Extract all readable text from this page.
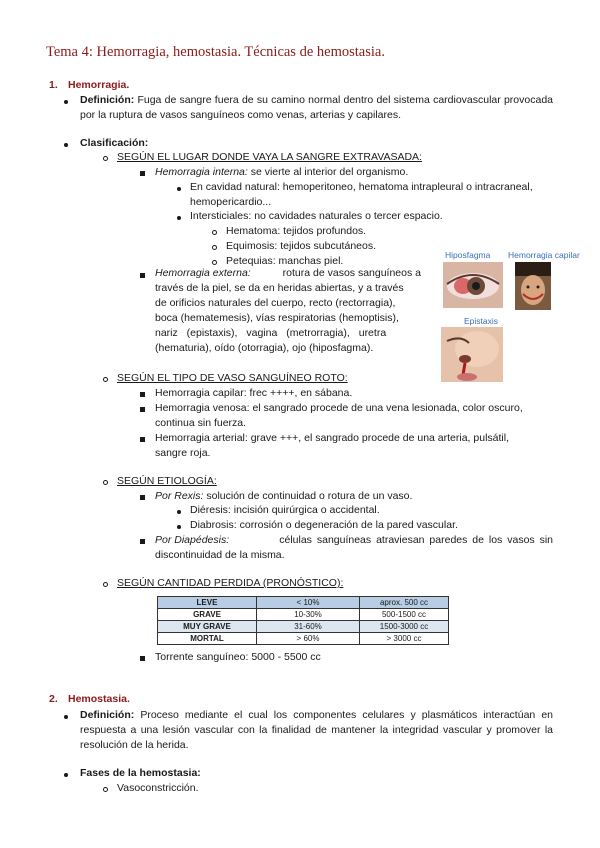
Tema 4: Hemorragia, hemostasia. Técnicas de hemostasia.
1. Hemorragia.
Definición: Fuga de sangre fuera de su camino normal dentro del sistema cardiovascular provocada por la ruptura de vasos sanguíneos como venas, arterias y capilares.
Clasificación:
SEGÚN EL LUGAR DONDE VAYA LA SANGRE EXTRAVASADA:
Hemorragia interna: se vierte al interior del organismo.
En cavidad natural: hemoperitoneo, hematoma intrapleural o intracraneal,
hemopericardio...
Intersticiales: no cavidades naturales o tercer espacio.
Hematoma: tejidos profundos.
Equimosis: tejidos subcutáneos.
Petequias: manchas piel.
Hemorragia externa:	rotura de vasos sanguíneos a
través de la piel, se da en heridas abiertas, y a través
de orificios naturales del cuerpo, recto (rectorragia),
boca (hematemesis), vías respiratorias (hemoptisis),
nariz (epistaxis), vagina (metrorragia), uretra
(hematuria), oído (otorragia), ojo (hiposfagma).
Hiposfagma Hemorragia capilar
Epistaxis
SEGÚN EL TIPO DE VASO SANGUÍNEO ROTO:
Hemorragia capilar: frec ++++, en sábana.
Hemorragia venosa: el sangrado procede de una vena lesionada, color oscuro,
continua sin fuerza.
Hemorragia arterial: grave +++, el sangrado procede de una arteria, pulsátil,
sangre roja.
SEGÚN ETIOLOGÍA:
Por Rexis: solución de continuidad o rotura de un vaso.
Diéresis: incisión quirúrgica o accidental.
Diabrosis: corrosión o degeneración de la pared vascular.
Por Diapédesis:	células sanguíneas atraviesan paredes de los vasos sin
discontinuidad de la misma.
SEGÚN CANTIDAD PERDIDA (PRONÓSTICO):
LEVE	< 10%	aprox. 500 cc
GRAVE	10-30%	500-1500 cc
MUY GRAVE	31-60%	1500-3000 cc
MORTAL	> 60%	> 3000 cc
Torrente sanguíneo: 5000 - 5500 cc
2. Hemostasia.
Definición: Proceso mediante el cual los componentes celulares y plasmáticos interactúan en respuesta a una lesión vascular con la finalidad de mantener la integridad vascular y promover la resolución de la herida.
Fases de la hemostasia:
Vasoconstricción.
